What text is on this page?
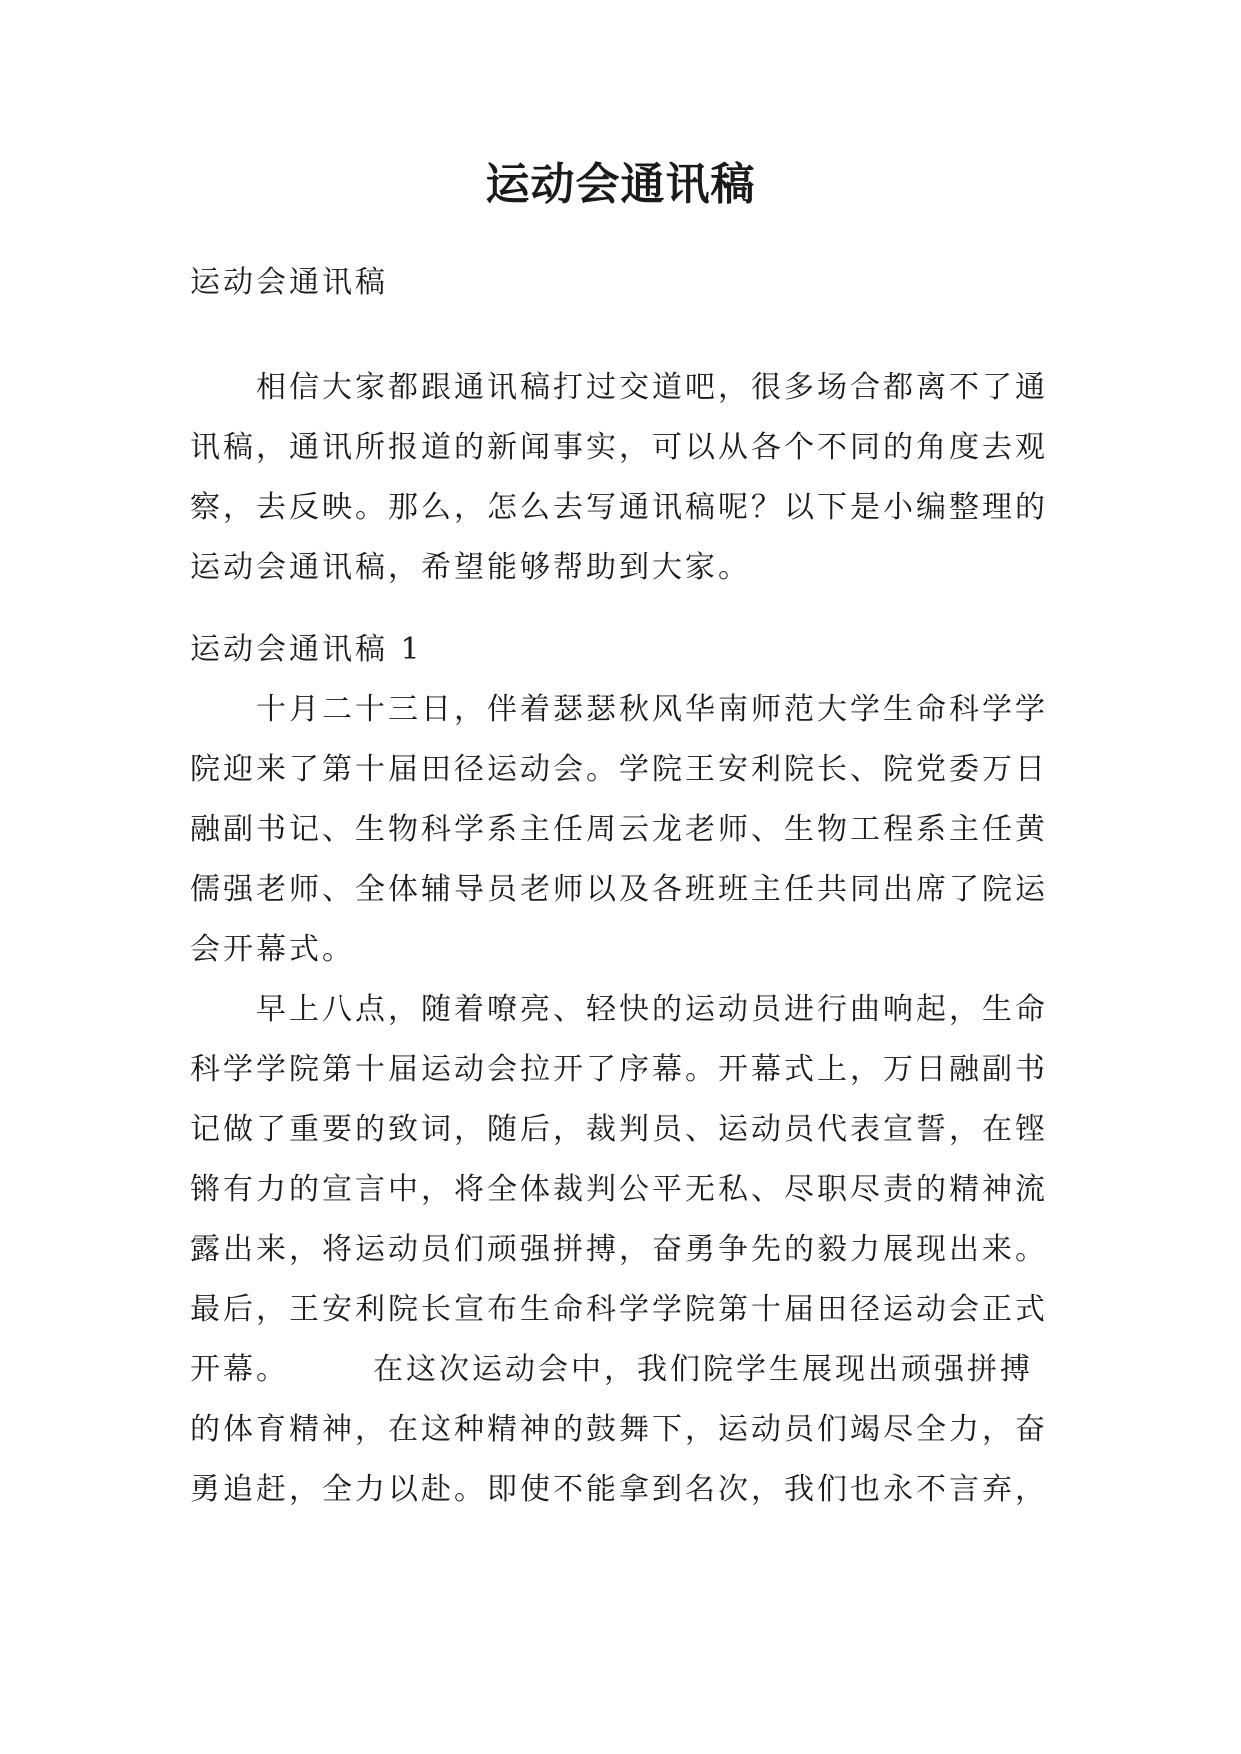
运动会通讯稿

运动会通讯稿

相信大家都跟通讯稿打过交道吧，很多场合都离不了通讯稿，通讯所报道的新闻事实，可以从各个不同的角度去观察，去反映。那么，怎么去写通讯稿呢？以下是小编整理的运动会通讯稿，希望能够帮助到大家。

运动会通讯稿 1

十月二十三日，伴着瑟瑟秋风华南师范大学生命科学学院迎来了第十届田径运动会。学院王安利院长、院党委万日融副书记、生物科学系主任周云龙老师、生物工程系主任黄儒强老师、全体辅导员老师以及各班班主任共同出席了院运会开幕式。

早上八点，随着嘹亮、轻快的运动员进行曲响起，生命科学学院第十届运动会拉开了序幕。开幕式上，万日融副书记做了重要的致词，随后，裁判员、运动员代表宣誓，在铿锵有力的宣言中，将全体裁判公平无私、尽职尽责的精神流露出来，将运动员们顽强拼搏，奋勇争先的毅力展现出来。最后，王安利院长宣布生命科学学院第十届田径运动会正式开幕。　　　在这次运动会中，我们院学生展现出顽强拼搏的体育精神，在这种精神的鼓舞下，运动员们竭尽全力，奋勇追赶，全力以赴。即使不能拿到名次，我们也永不言弃，
